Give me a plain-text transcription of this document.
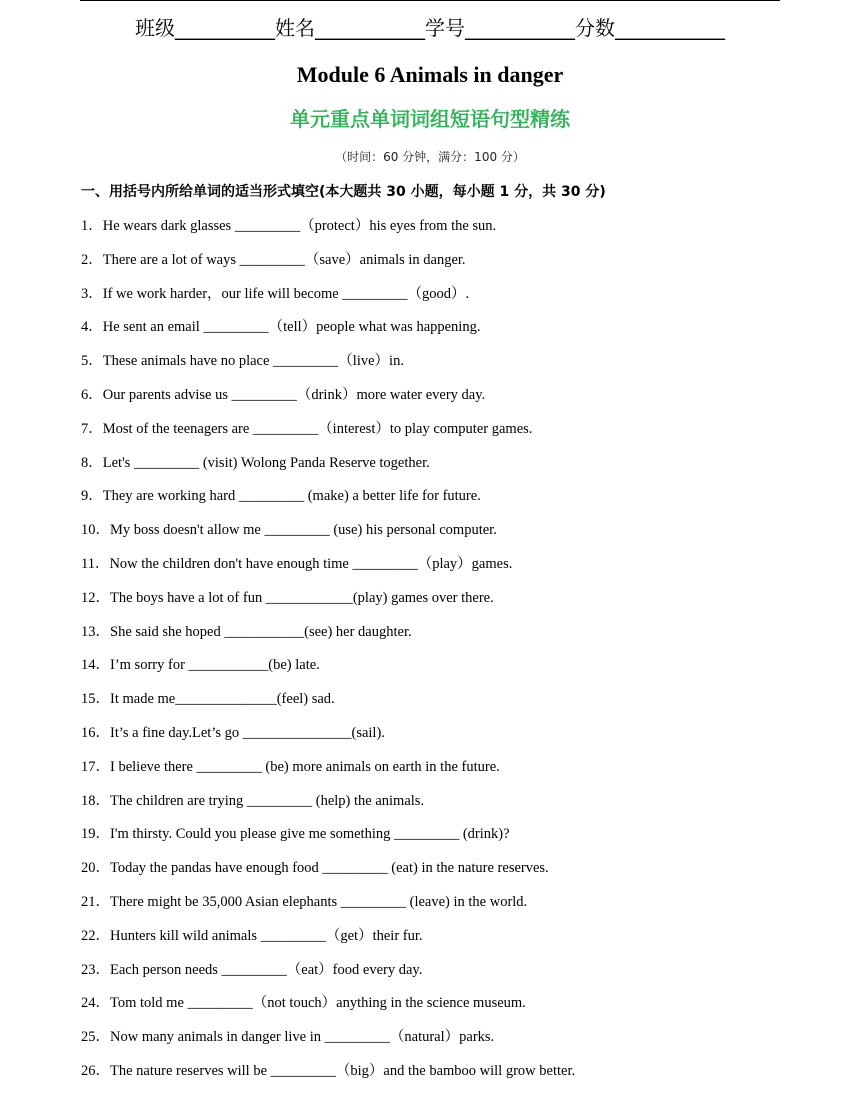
班级__________姓名___________学号___________分数___________
Module 6 Animals in danger
单元重点单词词组短语句型精练
（时间：60 分钟，满分：100 分）
一、用括号内所给单词的适当形式填空(本大题共 30 小题，每小题 1 分，共 30 分)
1．He wears dark glasses _________（protect）his eyes from the sun.
2．There are a lot of ways _________（save）animals in danger.
3．If we work harder，our life will become _________（good）.
4．He sent an email _________（tell）people what was happening.
5．These animals have no place _________（live）in.
6．Our parents advise us _________（drink）more water every day.
7．Most of the teenagers are _________（interest）to play computer games.
8．Let's _________ (visit) Wolong Panda Reserve together.
9．They are working hard _________ (make) a better life for future.
10．My boss doesn't allow me _________ (use) his personal computer.
11．Now the children don't have enough time _________（play）games.
12．The boys have a lot of fun ____________(play) games over there.
13．She said she hoped ___________(see) her daughter.
14．I’m sorry for ___________(be) late.
15．It made me______________(feel) sad.
16．It’s a fine day.Let’s go _______________(sail).
17．I believe there _________ (be) more animals on earth in the future.
18．The children are trying _________ (help) the animals.
19．I'm thirsty. Could you please give me something _________ (drink)?
20．Today the pandas have enough food _________ (eat) in the nature reserves.
21．There might be 35,000 Asian elephants _________ (leave) in the world.
22．Hunters kill wild animals _________（get）their fur.
23．Each person needs _________（eat）food every day.
24．Tom told me _________（not touch）anything in the science museum.
25．Now many animals in danger live in _________（natural）parks.
26．The nature reserves will be _________（big）and the bamboo will grow better.
